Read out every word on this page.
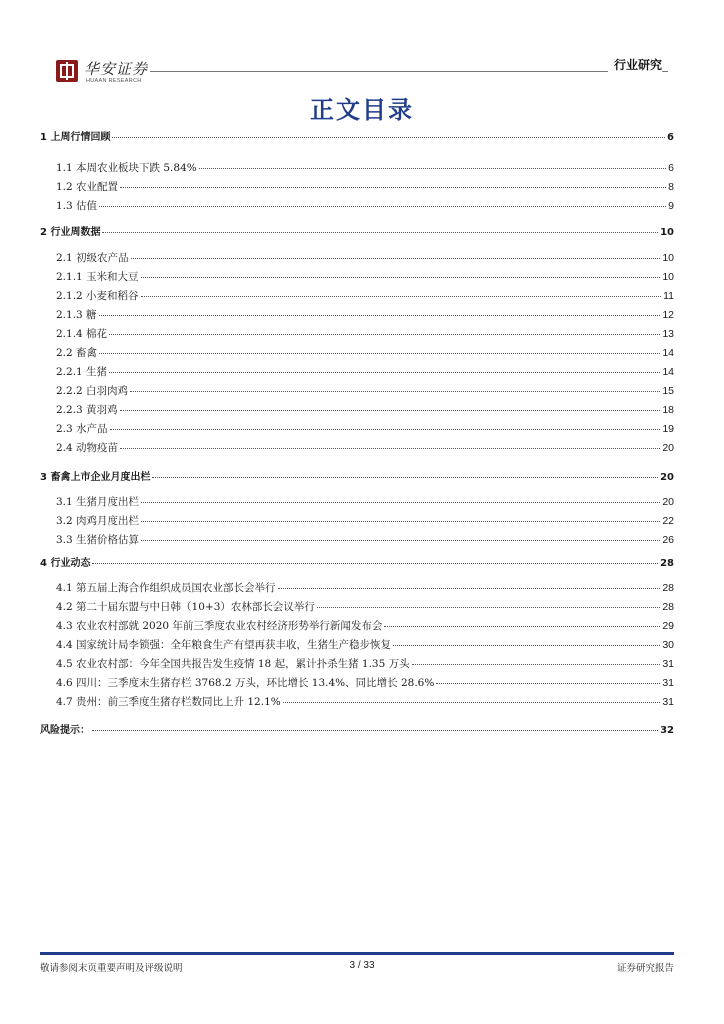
华安证券
HUAAN RESEARCH
行业研究
正文目录
1 上周行情回顾	6
1.1 本周农业板块下跌 5.84%	6
1.2 农业配置	8
1.3 估值	9
2 行业周数据	10
2.1 初级农产品	10
2.1.1 玉米和大豆	10
2.1.2 小麦和稻谷	11
2.1.3 糖	12
2.1.4 棉花	13
2.2 畜禽	14
2.2.1 生猪	14
2.2.2 白羽肉鸡	15
2.2.3 黄羽鸡	18
2.3 水产品	19
2.4 动物疫苗	20
3 畜禽上市企业月度出栏	20
3.1 生猪月度出栏	20
3.2 肉鸡月度出栏	22
3.3 生猪价格估算	26
4 行业动态	28
4.1 第五届上海合作组织成员国农业部长会举行	28
4.2 第二十届东盟与中日韩（10+3）农林部长会议举行	28
4.3 农业农村部就 2020 年前三季度农业农村经济形势举行新闻发布会	29
4.4 国家统计局李锁强：全年粮食生产有望再获丰收，生猪生产稳步恢复	30
4.5 农业农村部：今年全国共报告发生疫情 18 起，累计扑杀生猪 1.35 万头	31
4.6 四川：三季度末生猪存栏 3768.2 万头，环比增长 13.4%、同比增长 28.6%	31
4.7 贵州：前三季度生猪存栏数同比上升 12.1%	31
风险提示：	32
敬请参阅末页重要声明及评级说明	3 / 33	证券研究报告
